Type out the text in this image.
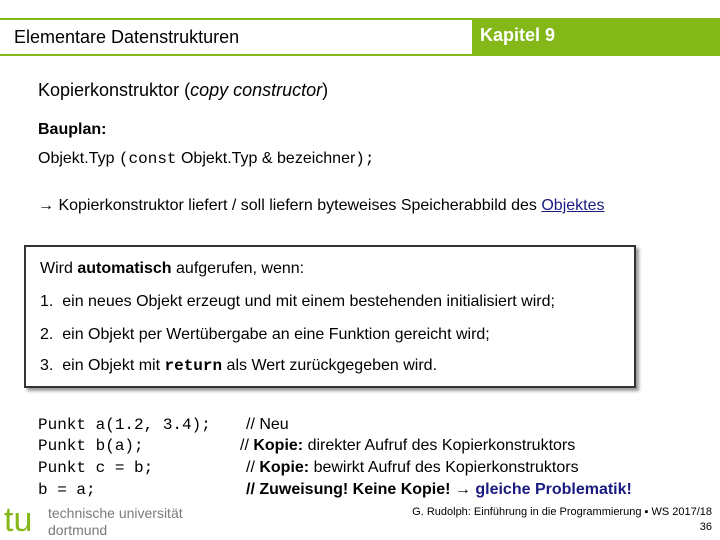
Elementare Datenstrukturen	Kapitel 9
Kopierkonstruktor (copy constructor)
Bauplan:
Objekt.Typ (const Objekt.Typ & bezeichner);
→ Kopierkonstruktor liefert / soll liefern byteweises Speicherabbild des Objektes
Wird automatisch aufgerufen, wenn:
1. ein neues Objekt erzeugt und mit einem bestehenden initialisiert wird;
2. ein Objekt per Wertübergabe an eine Funktion gereicht wird;
3. ein Objekt mit return als Wert zurückgegeben wird.
Punkt a(1.2, 3.4); // Neu
Punkt b(a);	// Kopie: direkter Aufruf des Kopierkonstruktors
Punkt c = b;	// Kopie: bewirkt Aufruf des Kopierkonstruktors
b = a;	// Zuweisung! Keine Kopie! → gleiche Problematik!
tu technische universität
dortmund
G. Rudolph: Einführung in die Programmierung ▪ WS 2017/18
36
